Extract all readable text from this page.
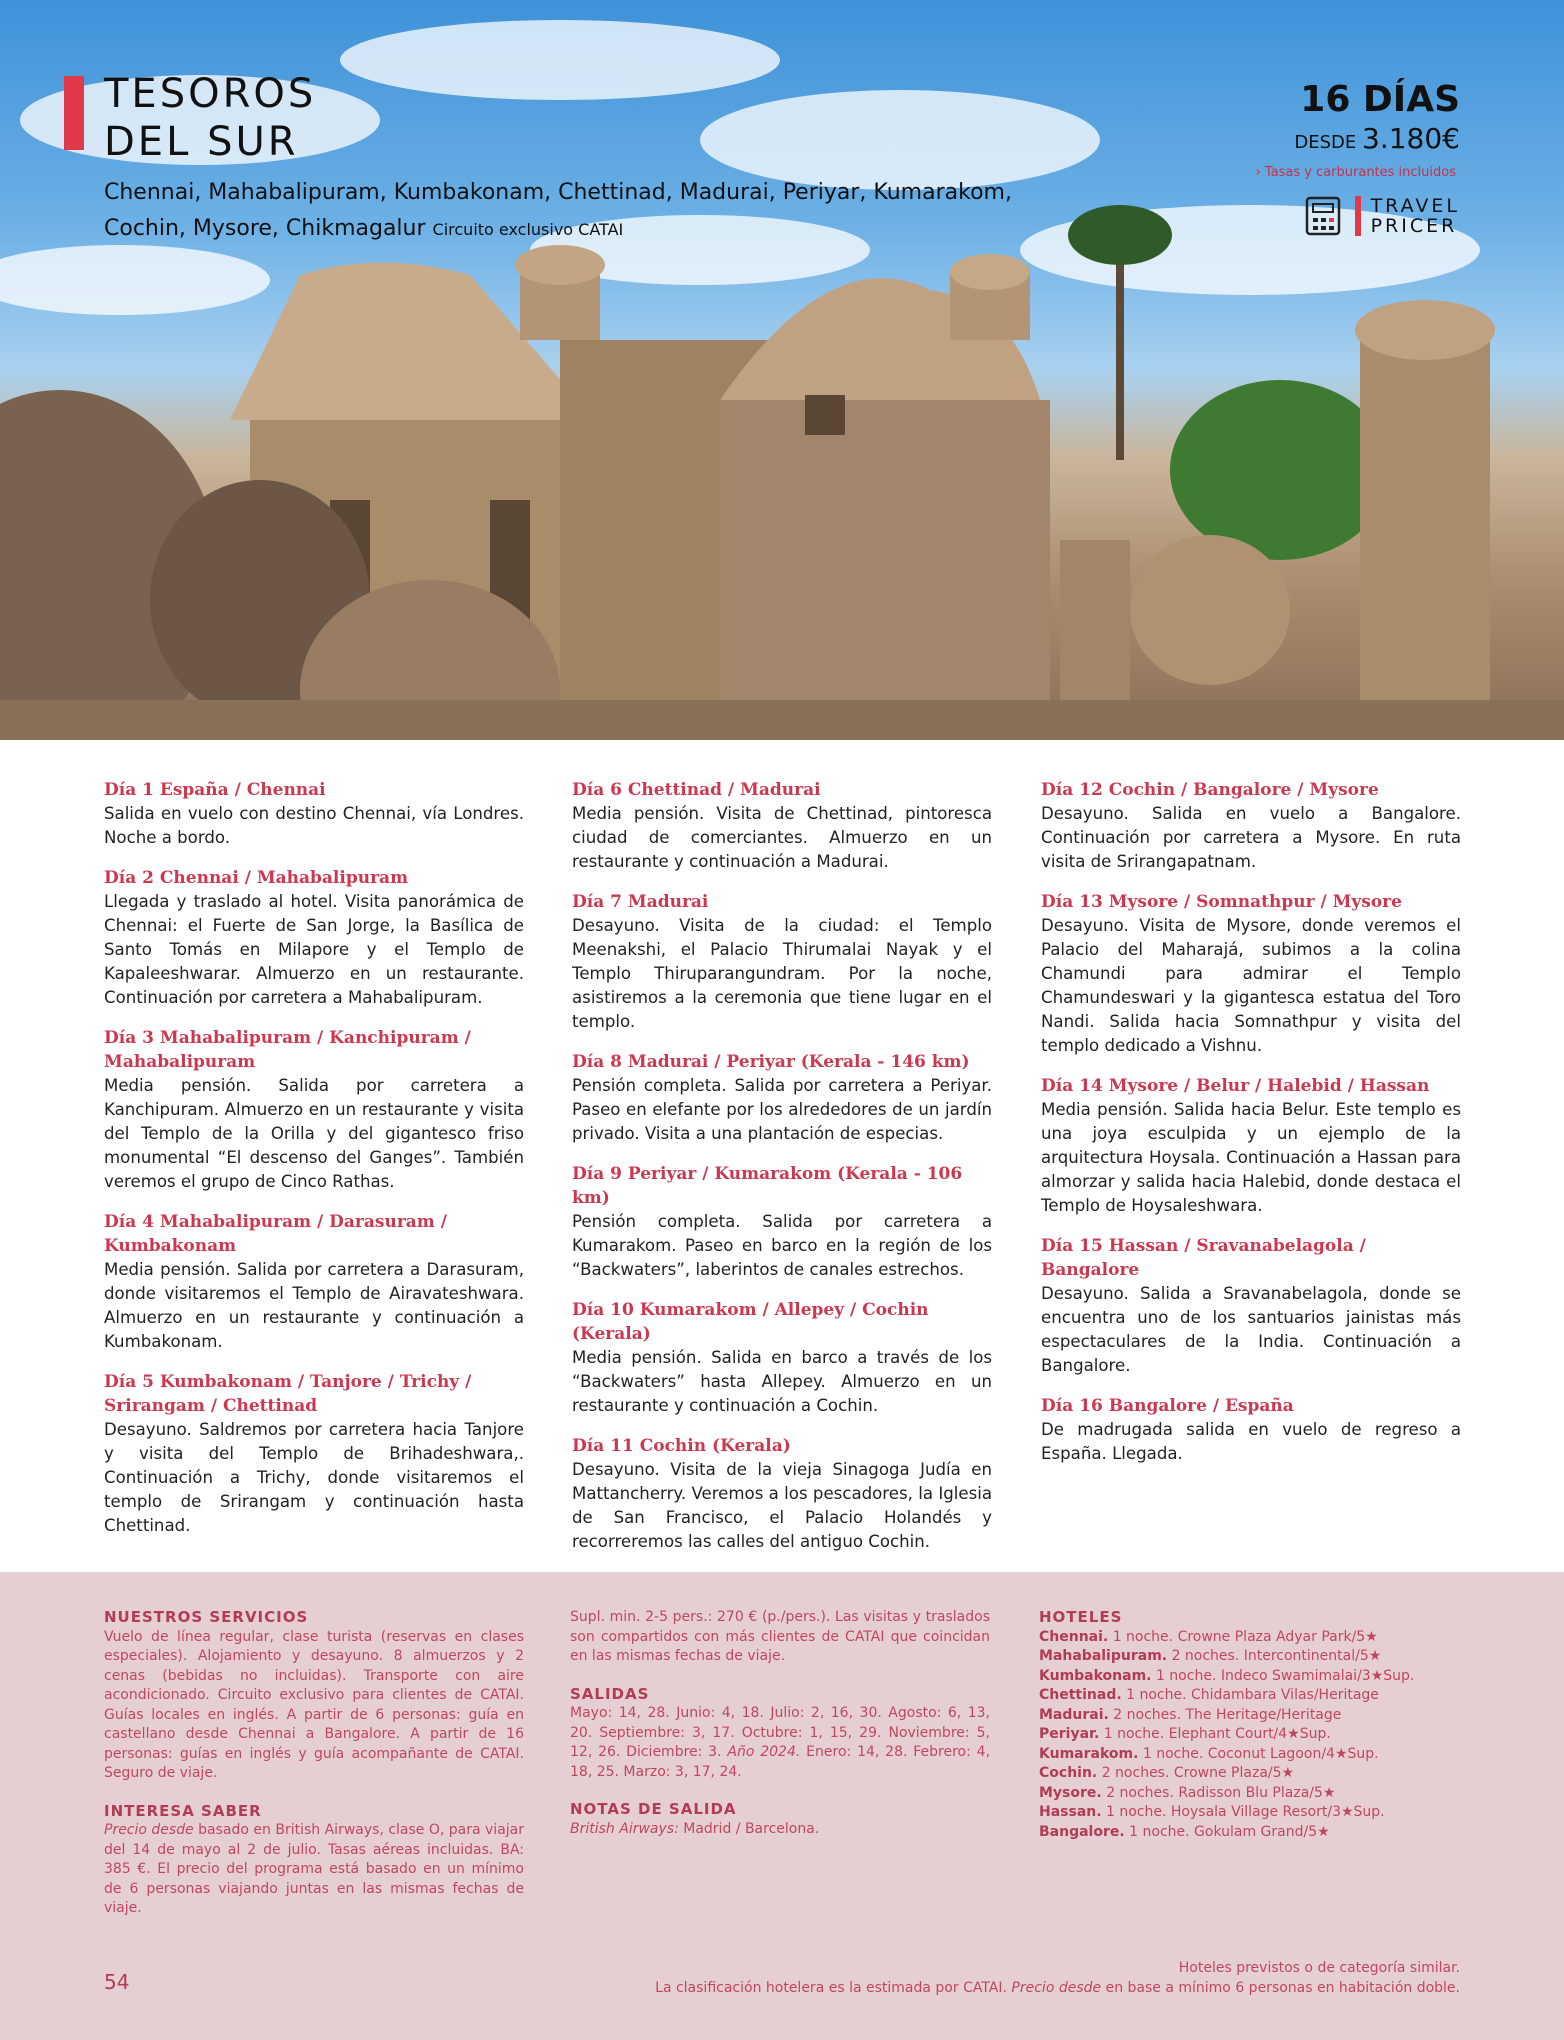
TESOROS
DEL SUR
Chennai, Mahabalipuram, Kumbakonam, Chettinad, Madurai, Periyar, Kumarakom, Cochin, Mysore, Chikmagalur Circuito exclusivo CATAI
16 DÍAS
DESDE 3.180€
› Tasas y carburantes incluidos
TRAVEL
PRICER
Día 1 España / Chennai

Salida en vuelo con destino Chennai, vía Londres. Noche a bordo.

Día 2 Chennai / Mahabalipuram

Llegada y traslado al hotel. Visita panorámica de Chennai: el Fuerte de San Jorge, la Basílica de Santo Tomás en Milapore y el Templo de Kapaleeshwarar. Almuerzo en un restaurante. Continuación por carretera a Mahabalipuram.

Día 3 Mahabalipuram / Kanchipuram / Mahabalipuram

Media pensión. Salida por carretera a Kanchipuram. Almuerzo en un restaurante y visita del Templo de la Orilla y del gigantesco friso monumental “El descenso del Ganges”. También veremos el grupo de Cinco Rathas.

Día 4 Mahabalipuram / Darasuram / Kumbakonam

Media pensión. Salida por carretera a Darasuram, donde visitaremos el Templo de Airavateshwara. Almuerzo en un restaurante y continuación a Kumbakonam.

Día 5 Kumbakonam / Tanjore / Trichy / Srirangam / Chettinad

Desayuno. Saldremos por carretera hacia Tanjore y visita del Templo de Brihadeshwara,. Continuación a Trichy, donde visitaremos el templo de Srirangam y continuación hasta Chettinad.

Día 6 Chettinad / Madurai

Media pensión. Visita de Chettinad, pintoresca ciudad de comerciantes. Almuerzo en un restaurante y continuación a Madurai.

Día 7 Madurai

Desayuno. Visita de la ciudad: el Templo Meenakshi, el Palacio Thirumalai Nayak y el Templo Thiruparangundram. Por la noche, asistiremos a la ceremonia que tiene lugar en el templo.

Día 8 Madurai / Periyar (Kerala - 146 km)

Pensión completa. Salida por carretera a Periyar. Paseo en elefante por los alrededores de un jardín privado. Visita a una plantación de especias.

Día 9 Periyar / Kumarakom (Kerala - 106 km)

Pensión completa. Salida por carretera a Kumarakom. Paseo en barco en la región de los “Backwaters”, laberintos de canales estrechos.

Día 10 Kumarakom / Allepey / Cochin (Kerala)

Media pensión. Salida en barco a través de los “Backwaters” hasta Allepey. Almuerzo en un restaurante y continuación a Cochin.

Día 11 Cochin (Kerala)

Desayuno. Visita de la vieja Sinagoga Judía en Mattancherry. Veremos a los pescadores, la Iglesia de San Francisco, el Palacio Holandés y recorreremos las calles del antiguo Cochin.

Día 12 Cochin / Bangalore / Mysore

Desayuno. Salida en vuelo a Bangalore. Continuación por carretera a Mysore. En ruta visita de Srirangapatnam.

Día 13 Mysore / Somnathpur / Mysore

Desayuno. Visita de Mysore, donde veremos el Palacio del Maharajá, subimos a la colina Chamundi para admirar el Templo Chamundeswari y la gigantesca estatua del Toro Nandi. Salida hacia Somnathpur y visita del templo dedicado a Vishnu.

Día 14 Mysore / Belur / Halebid / Hassan

Media pensión. Salida hacia Belur. Este templo es una joya esculpida y un ejemplo de la arquitectura Hoysala. Continuación a Hassan para almorzar y salida hacia Halebid, donde destaca el Templo de Hoysaleshwara.

Día 15 Hassan / Sravanabelagola / Bangalore

Desayuno. Salida a Sravanabelagola, donde se encuentra uno de los santuarios jainistas más espectaculares de la India. Continuación a Bangalore.

Día 16 Bangalore / España

De madrugada salida en vuelo de regreso a España. Llegada.

NUESTROS SERVICIOS

Vuelo de línea regular, clase turista (reservas en clases especiales). Alojamiento y desayuno. 8 almuerzos y 2 cenas (bebidas no incluidas). Transporte con aire acondicionado. Circuito exclusivo para clientes de CATAI. Guías locales en inglés. A partir de 6 personas: guía en castellano desde Chennai a Bangalore. A partir de 16 personas: guías en inglés y guía acompañante de CATAI. Seguro de viaje.

INTERESA SABER

Precio desde basado en British Airways, clase O, para viajar del 14 de mayo al 2 de julio. Tasas aéreas incluidas. BA: 385 €. El precio del programa está basado en un mínimo de 6 personas viajando juntas en las mismas fechas de viaje.

Supl. min. 2-5 pers.: 270 € (p./pers.). Las visitas y traslados son compartidos con más clientes de CATAI que coincidan en las mismas fechas de viaje.

SALIDAS

Mayo: 14, 28. Junio: 4, 18. Julio: 2, 16, 30. Agosto: 6, 13, 20. Septiembre: 3, 17. Octubre: 1, 15, 29. Noviembre: 5, 12, 26. Diciembre: 3. Año 2024. Enero: 14, 28. Febrero: 4, 18, 25. Marzo: 3, 17, 24.

NOTAS DE SALIDA

British Airways: Madrid / Barcelona.

HOTELES
Chennai. 1 noche. Crowne Plaza Adyar Park/5★
Mahabalipuram. 2 noches. Intercontinental/5★
Kumbakonam. 1 noche. Indeco Swamimalai/3★Sup.
Chettinad. 1 noche. Chidambara Vilas/Heritage
Madurai. 2 noches. The Heritage/Heritage
Periyar. 1 noche. Elephant Court/4★Sup.
Kumarakom. 1 noche. Coconut Lagoon/4★Sup.
Cochin. 2 noches. Crowne Plaza/5★
Mysore. 2 noches. Radisson Blu Plaza/5★
Hassan. 1 noche. Hoysala Village Resort/3★Sup.
Bangalore. 1 noche. Gokulam Grand/5★
54
Hoteles previstos o de categoría similar.
La clasificación hotelera es la estimada por CATAI. Precio desde en base a mínimo 6 personas en habitación doble.
